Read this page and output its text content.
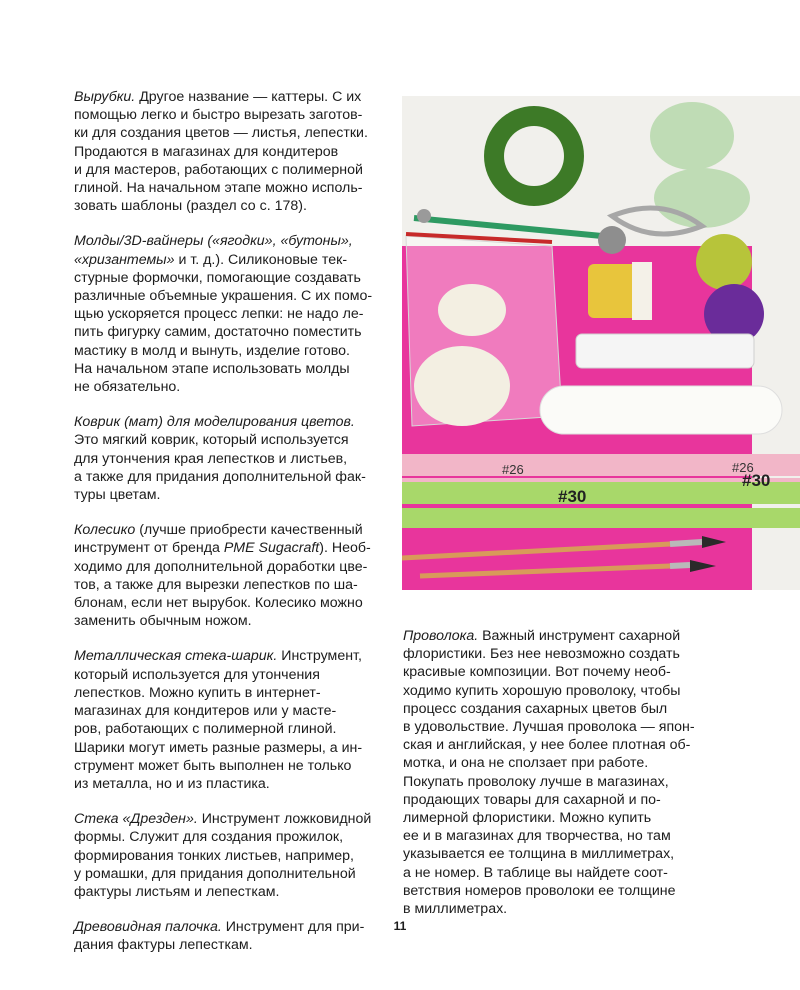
Вырубки. Другое название — каттеры. С их
помощью легко и быстро вырезать заготов-
ки для создания цветов — листья, лепестки.
Продаются в магазинах для кондитеров
и для мастеров, работающих с полимерной
глиной. На начальном этапе можно исполь-
зовать шаблоны (раздел со с. 178).

Молды/3D-вайнеры («ягодки», «бутоны»,
«хризантемы» и т. д.). Силиконовые тек-
стурные формочки, помогающие создавать
различные объемные украшения. С их помо-
щью ускоряется процесс лепки: не надо ле-
пить фигурку самим, достаточно поместить
мастику в молд и вынуть, изделие готово.
На начальном этапе использовать молды
не обязательно.

Коврик (мат) для моделирования цветов.
Это мягкий коврик, который используется
для утончения края лепестков и листьев,
а также для придания дополнительной фак-
туры цветам.

Колесико (лучше приобрести качественный
инструмент от бренда PME Sugacraft). Необ-
ходимо для дополнительной доработки цве-
тов, а также для вырезки лепестков по ша-
блонам, если нет вырубок. Колесико можно
заменить обычным ножом.

Металлическая стека-шарик. Инструмент,
который используется для утончения
лепестков. Можно купить в интернет-
магазинах для кондитеров или у масте-
ров, работающих с полимерной глиной.
Шарики могут иметь разные размеры, а ин-
струмент может быть выполнен не только
из металла, но и из пластика.

Стека «Дрезден». Инструмент ложковидной
формы. Служит для создания прожилок,
формирования тонких листьев, например,
у ромашки, для придания дополнительной
фактуры листьям и лепесткам.

Древовидная палочка. Инструмент для при-
дания фактуры лепесткам.

#26
#26
#30
#30

Проволока. Важный инструмент сахарной
флористики. Без нее невозможно создать
красивые композиции. Вот почему необ-
ходимо купить хорошую проволоку, чтобы
процесс создания сахарных цветов был
в удовольствие. Лучшая проволока — япон-
ская и английская, у нее более плотная об-
мотка, и она не сползает при работе.
Покупать проволоку лучше в магазинах,
продающих товары для сахарной и по-
лимерной флористики. Можно купить
ее и в магазинах для творчества, но там
указывается ее толщина в миллиметрах,
а не номер. В таблице вы найдете соот-
ветствия номеров проволоки ее толщине
в миллиметрах.

11
